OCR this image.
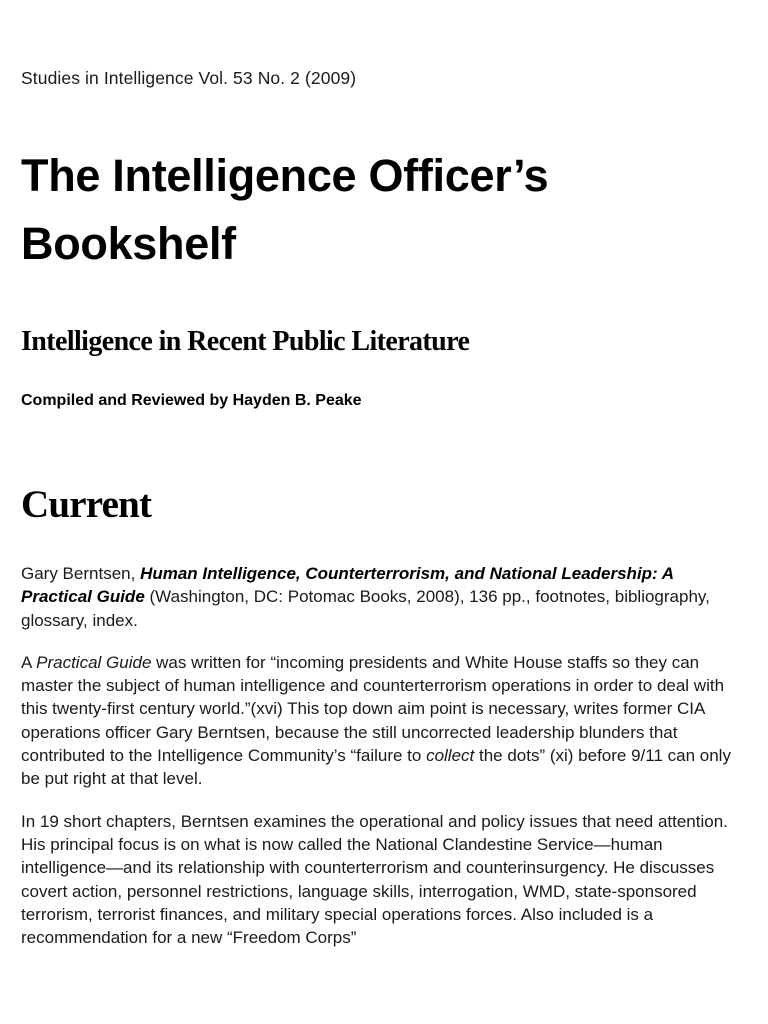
Studies in Intelligence Vol. 53 No. 2 (2009)

The Intelligence Officer’s Bookshelf
Intelligence in Recent Public Literature

Compiled and Reviewed by Hayden B. Peake

Current

Gary Berntsen, Human Intelligence, Counterterrorism, and National Leadership: A Practical Guide (Washington, DC: Potomac Books, 2008), 136 pp., footnotes, bibliography, glossary, index.

A Practical Guide was written for “incoming presidents and White House staffs so they can master the subject of human intelligence and counterterrorism operations in order to deal with this twenty-first century world.”(xvi) This top down aim point is necessary, writes former CIA operations officer Gary Berntsen, because the still uncorrected leadership blunders that contributed to the Intelligence Community’s “failure to collect the dots” (xi) before 9/11 can only be put right at that level.

In 19 short chapters, Berntsen examines the operational and policy issues that need attention. His principal focus is on what is now called the National Clandestine Service—human intelligence—and its relationship with counterterrorism and counterinsurgency. He discusses covert action, personnel restrictions, language skills, interrogation, WMD, state-sponsored terrorism, terrorist finances, and military special operations forces. Also included is a recommendation for a new “Freedom Corps”
